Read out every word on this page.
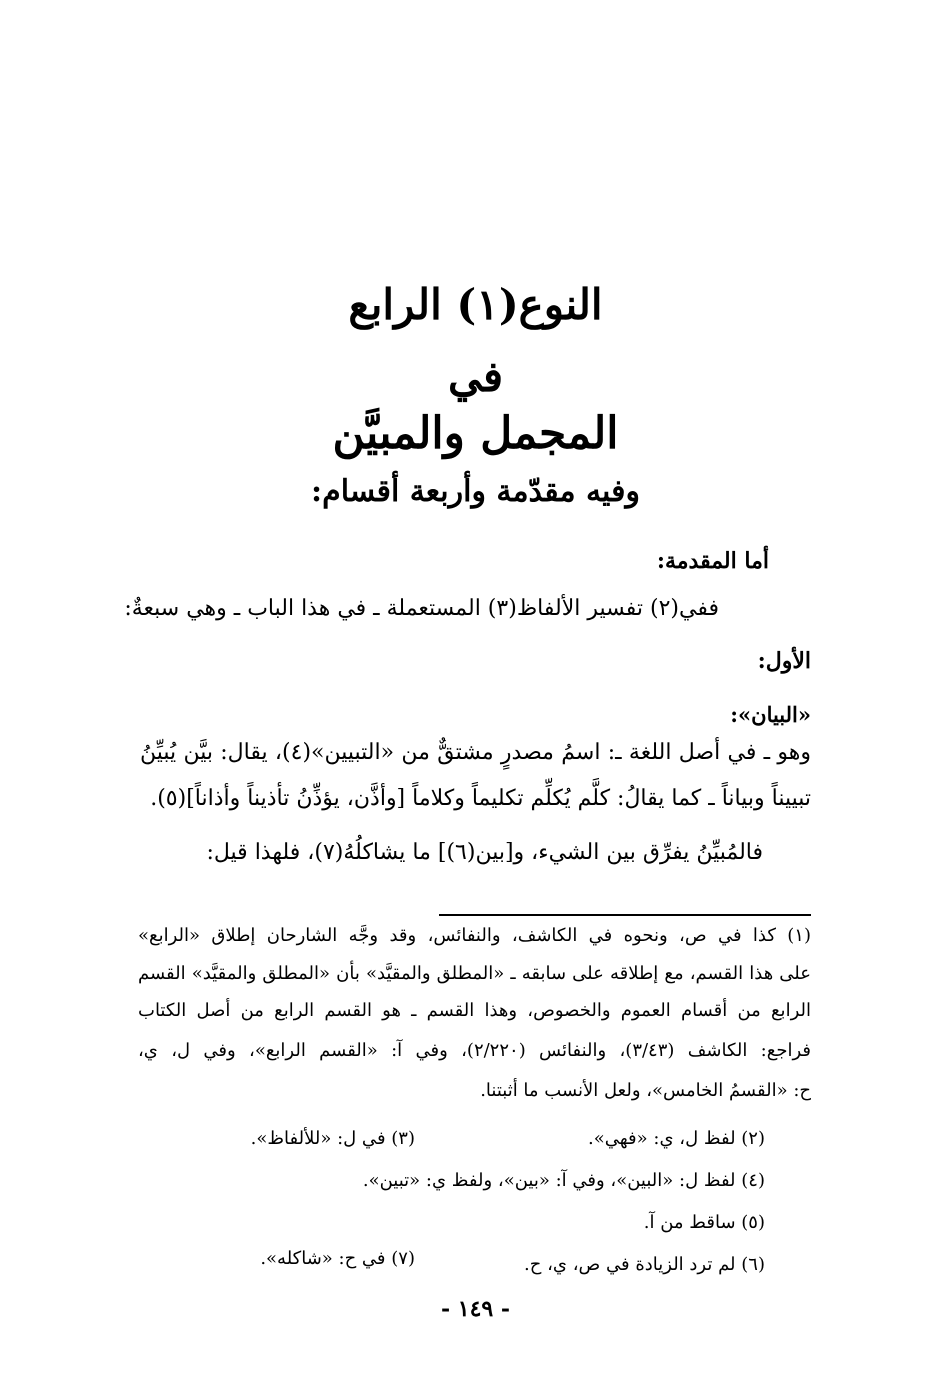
النوع(١) الرابع
في
المجمل والمبيَّن
وفيه مقدّمة وأربعة أقسام:
أما المقدمة:
ففي(٢) تفسير الألفاظ(٣) المستعملة ـ في هذا الباب ـ وهي سبعةٌ:
الأول:
«البيان»:
وهو ـ في أصل اللغة ـ: اسمُ مصدرٍ مشتقٌّ من «التبيين»(٤)، يقال: بيَّن يُبيِّنُ
تبييناً وبياناً ـ كما يقالُ: كلَّم يُكلِّم تكليماً وكلاماً [وأذَّن، يؤذِّنُ تأذيناً وأذاناً](٥).
فالمُبيِّنُ يفرِّق بين الشيء، و[بين(٦)] ما يشاكلُهُ(٧)، فلهذا قيل:
(١) كذا في ص، ونحوه في الكاشف، والنفائس، وقد وجَّه الشارحان إطلاق «الرابع»
على هذا القسم، مع إطلاقه على سابقه ـ «المطلق والمقيَّد» بأن «المطلق والمقيَّد» القسم
الرابع من أقسام العموم والخصوص، وهذا القسم ـ هو القسم الرابع من أصل الكتاب
فراجع: الكاشف (٣/٤٣)، والنفائس (٢/٢٢٠)، وفي آ: «القسم الرابع»، وفي ل، ي،
ح: «القسمُ الخامس»، ولعل الأنسب ما أثبتنا.
(٢) لفظ ل، ي: «فهي».
(٣) في ل: «للألفاظ».
(٤) لفظ ل: «البين»، وفي آ: «بين»، ولفظ ي: «تبين».
(٥) ساقط من آ.
(٦) لم ترد الزيادة في ص، ي، ح.
(٧) في ح: «شاكله».
- ١٤٩ -
